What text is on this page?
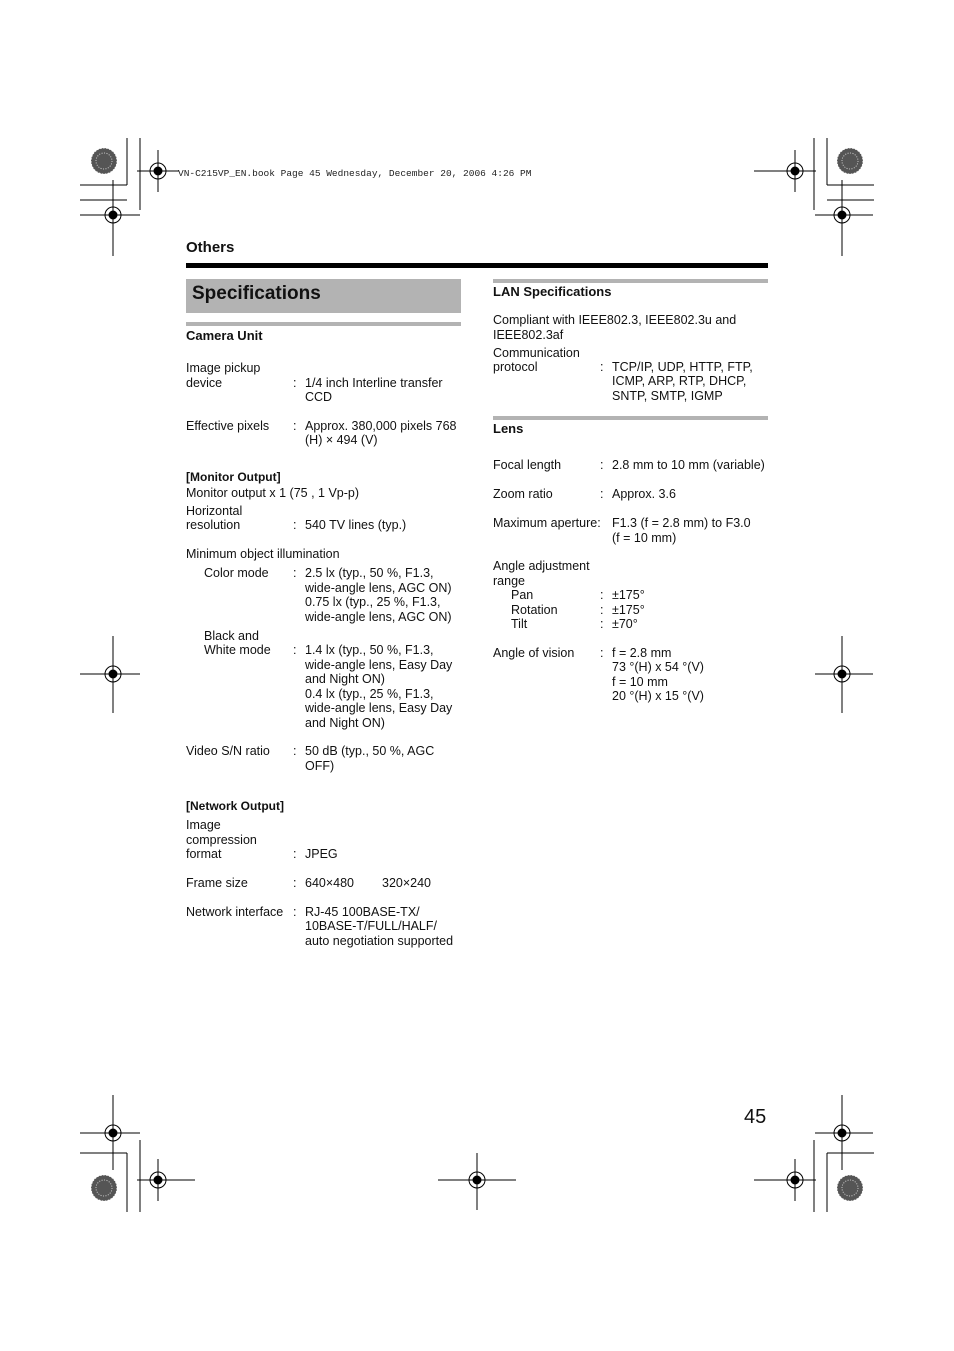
VN-C215VP_EN.book Page 45 Wednesday, December 20, 2006 4:26 PM
Others
Specifications
Camera Unit
Image pickup
device	: 1/4 inch Interline transfer
CCD
Effective pixels : Approx. 380,000 pixels 768
(H) × 494 (V)
[Monitor Output]
Monitor output x 1 (75 , 1 Vp-p)
Horizontal
resolution	: 540 TV lines (typ.)
Minimum object illumination
Color mode : 2.5 lx (typ., 50 %, F1.3,
wide-angle lens, AGC ON)
0.75 lx (typ., 25 %, F1.3,
wide-angle lens, AGC ON)
Black and
White mode : 1.4 lx (typ., 50 %, F1.3,
wide-angle lens, Easy Day
and Night ON)
0.4 lx (typ., 25 %, F1.3,
wide-angle lens, Easy Day
and Night ON)
Video S/N ratio : 50 dB (typ., 50 %, AGC
OFF)
[Network Output]
Image
compression
format	: JPEG
Frame size	: 640×480 320×240
Network interface : RJ-45 100BASE-TX/
10BASE-T/FULL/HALF/
auto negotiation supported
LAN Specifications
Compliant with IEEE802.3, IEEE802.3u and
IEEE802.3af
Communication
protocol	: TCP/IP, UDP, HTTP, FTP,
ICMP, ARP, RTP, DHCP,
SNTP, SMTP, IGMP
Lens
Focal length	: 2.8 mm to 10 mm (variable)
Zoom ratio	: Approx. 3.6
Maximum aperture: F1.3 (f = 2.8 mm) to F3.0
(f = 10 mm)
Angle adjustment
range
Pan	: ±175°
Rotation	: ±175°
Tilt	: ±70°
Angle of vision : f = 2.8 mm
73 °(H) x 54 °(V)
f = 10 mm
20 °(H) x 15 °(V)
45
